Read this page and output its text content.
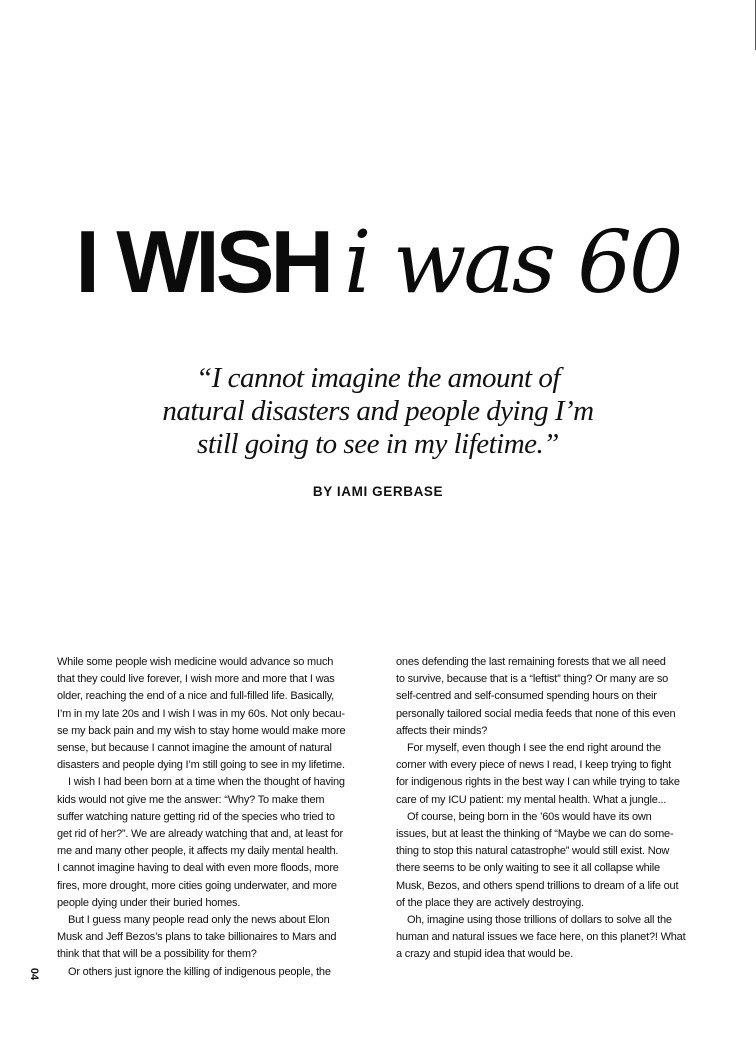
I WISH i was 60
“I cannot imagine the amount of
natural disasters and people dying I’m
still going to see in my lifetime.”
BY IAMI GERBASE
While some people wish medicine would advance so much
that they could live forever, I wish more and more that I was
older, reaching the end of a nice and full-filled life. Basically,
I’m in my late 20s and I wish I was in my 60s. Not only becau-
se my back pain and my wish to stay home would make more
sense, but because I cannot imagine the amount of natural
disasters and people dying I’m still going to see in my lifetime.
I wish I had been born at a time when the thought of having
kids would not give me the answer: “Why? To make them
suffer watching nature getting rid of the species who tried to
get rid of her?”. We are already watching that and, at least for
me and many other people, it affects my daily mental health.
I cannot imagine having to deal with even more floods, more
fires, more drought, more cities going underwater, and more
people dying under their buried homes.
But I guess many people read only the news about Elon
Musk and Jeff Bezos’s plans to take billionaires to Mars and
think that that will be a possibility for them?
Or others just ignore the killing of indigenous people, the
ones defending the last remaining forests that we all need
to survive, because that is a “leftist” thing? Or many are so
self-centred and self-consumed spending hours on their
personally tailored social media feeds that none of this even
affects their minds?
For myself, even though I see the end right around the
corner with every piece of news I read, I keep trying to fight
for indigenous rights in the best way I can while trying to take
care of my ICU patient: my mental health. What a jungle...
Of course, being born in the ’60s would have its own
issues, but at least the thinking of “Maybe we can do some-
thing to stop this natural catastrophe” would still exist. Now
there seems to be only waiting to see it all collapse while
Musk, Bezos, and others spend trillions to dream of a life out
of the place they are actively destroying.
Oh, imagine using those trillions of dollars to solve all the
human and natural issues we face here, on this planet?! What
a crazy and stupid idea that would be.
04
